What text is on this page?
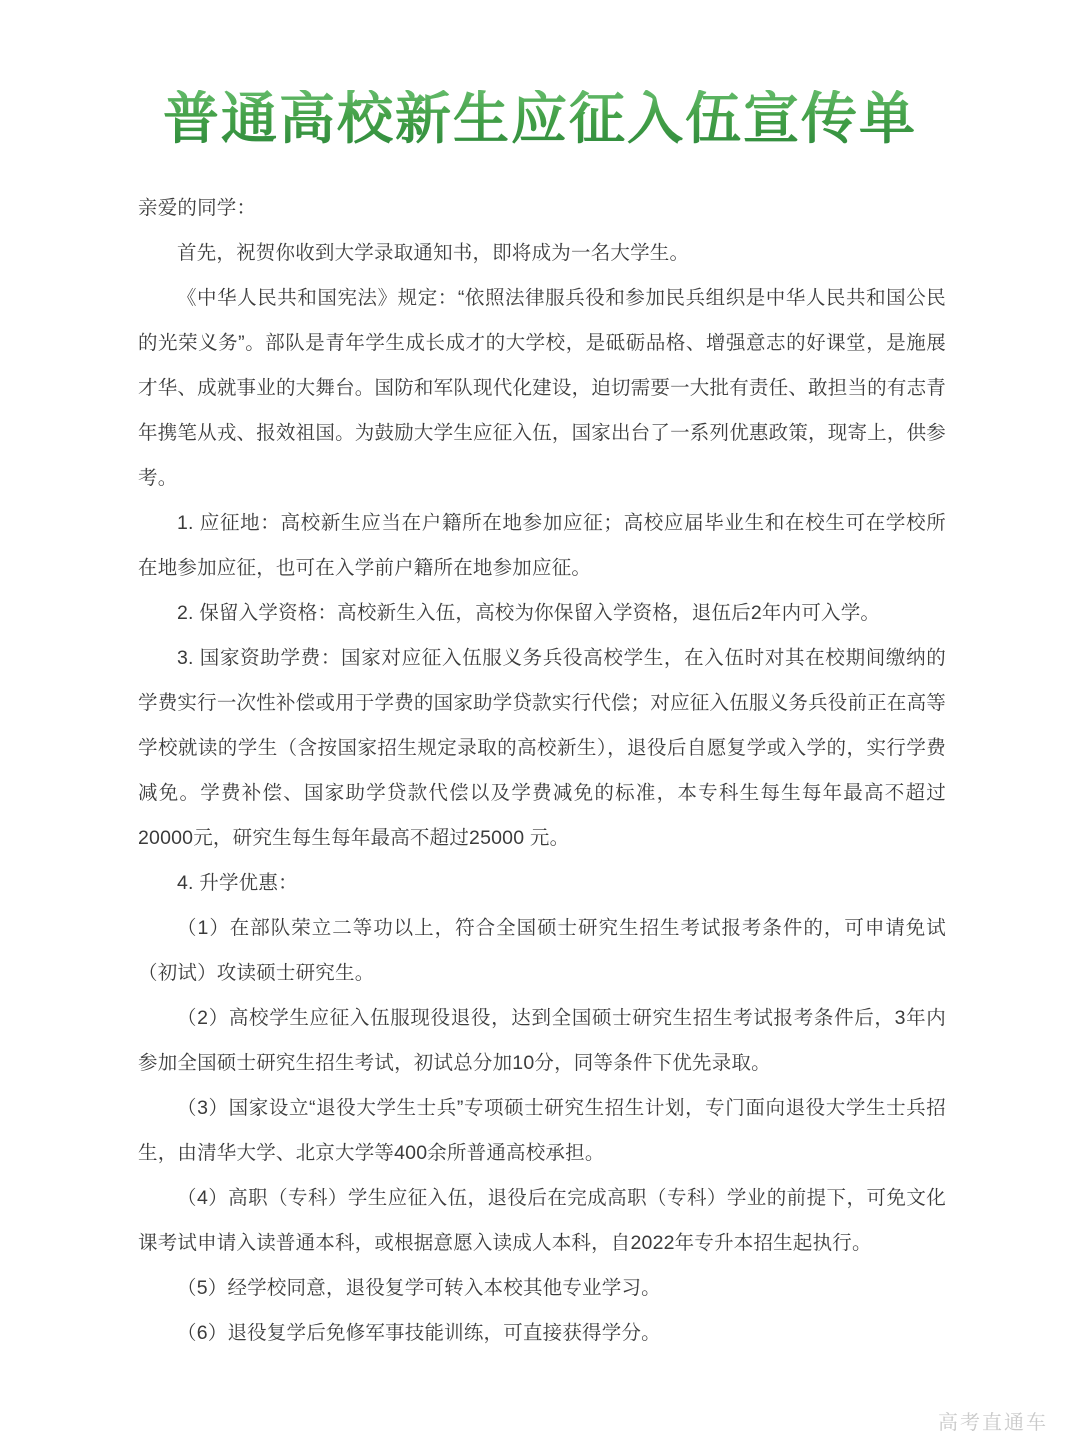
普通高校新生应征入伍宣传单

亲爱的同学：

首先，祝贺你收到大学录取通知书，即将成为一名大学生。

《中华人民共和国宪法》规定：“依照法律服兵役和参加民兵组织是中华人民共和国公民的光荣义务”。部队是青年学生成长成才的大学校，是砥砺品格、增强意志的好课堂，是施展才华、成就事业的大舞台。国防和军队现代化建设，迫切需要一大批有责任、敢担当的有志青年携笔从戎、报效祖国。为鼓励大学生应征入伍，国家出台了一系列优惠政策，现寄上，供参考。

1. 应征地：高校新生应当在户籍所在地参加应征；高校应届毕业生和在校生可在学校所在地参加应征，也可在入学前户籍所在地参加应征。

2. 保留入学资格：高校新生入伍，高校为你保留入学资格，退伍后2年内可入学。

3. 国家资助学费：国家对应征入伍服义务兵役高校学生，在入伍时对其在校期间缴纳的学费实行一次性补偿或用于学费的国家助学贷款实行代偿；对应征入伍服义务兵役前正在高等学校就读的学生（含按国家招生规定录取的高校新生），退役后自愿复学或入学的，实行学费减免。学费补偿、国家助学贷款代偿以及学费减免的标准，本专科生每生每年最高不超过20000元，研究生每生每年最高不超过25000 元。

4. 升学优惠：

（1）在部队荣立二等功以上，符合全国硕士研究生招生考试报考条件的，可申请免试（初试）攻读硕士研究生。

（2）高校学生应征入伍服现役退役，达到全国硕士研究生招生考试报考条件后，3年内参加全国硕士研究生招生考试，初试总分加10分，同等条件下优先录取。

（3）国家设立“退役大学生士兵”专项硕士研究生招生计划，专门面向退役大学生士兵招生，由清华大学、北京大学等400余所普通高校承担。

（4）高职（专科）学生应征入伍，退役后在完成高职（专科）学业的前提下，可免文化课考试申请入读普通本科，或根据意愿入读成人本科，自2022年专升本招生起执行。

（5）经学校同意，退役复学可转入本校其他专业学习。

（6）退役复学后免修军事技能训练，可直接获得学分。

高考直通车
